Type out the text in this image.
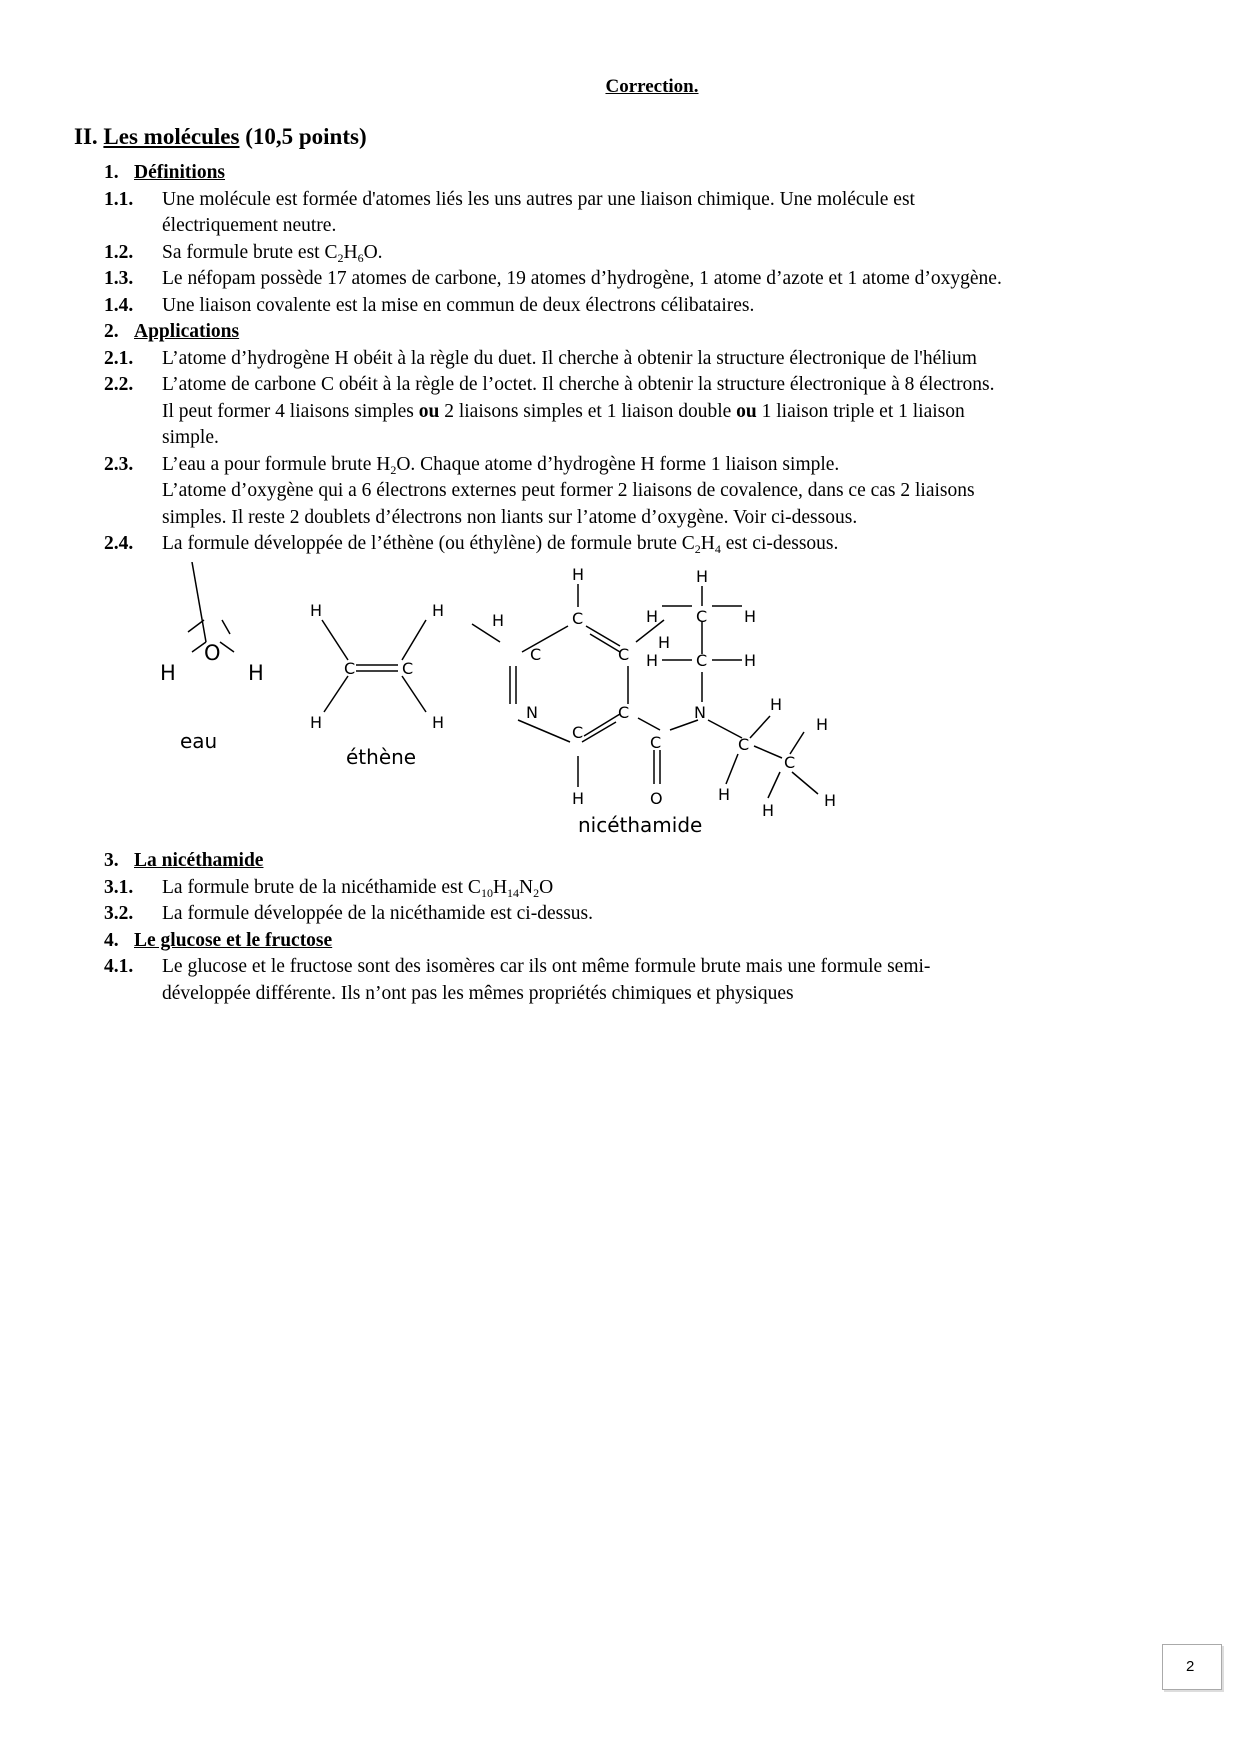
Correction.
II. Les molécules (10,5 points)
1. Définitions
1.1.	Une molécule est formée d'atomes liés les uns autres par une liaison chimique. Une molécule est
électriquement neutre.
1.2.	Sa formule brute est $C_2H_6O$.
1.3.	Le néfopam possède 17 atomes de carbone, 19 atomes d’hydrogène, 1 atome d’azote et 1 atome d’oxygène.
1.4.	Une liaison covalente est la mise en commun de deux électrons célibataires.
2. Applications
2.1.	L’atome d’hydrogène H obéit à la règle du duet. Il cherche à obtenir la structure électronique de l'hélium
2.2.	L’atome de carbone C obéit à la règle de l’octet. Il cherche à obtenir la structure électronique à 8 électrons.
Il peut former 4 liaisons simples ou 2 liaisons simples et 1 liaison double ou 1 liaison triple et 1 liaison
simple.
2.3.	L’eau a pour formule brute $H_2O$. Chaque atome d’hydrogène H forme 1 liaison simple.
L’atome d’oxygène qui a 6 électrons externes peut former 2 liaisons de covalence, dans ce cas 2 liaisons
simples. Il reste 2 doublets d’électrons non liants sur l’atome d’oxygène. Voir ci-dessous.
2.4.	La formule développée de l’éthène (ou éthylène) de formule brute $C_2H_4$ est ci-dessous.
H
O
H
H	H
C	C
H	H
H
C
H
C	C
N	C
C
H
C
O
N
H
H C H
H
H C H
H
C
C
H
H
H
H
eau
éthène
nicéthamide
3. La nicéthamide
3.1.	La formule brute de la nicéthamide est $C_{10}H_{14}N_2O$
3.2.	La formule développée de la nicéthamide est ci-dessus.
4. Le glucose et le fructose
4.1.	Le glucose et le fructose sont des isomères car ils ont même formule brute mais une formule semi-
développée différente. Ils n’ont pas les mêmes propriétés chimiques et physiques
2
